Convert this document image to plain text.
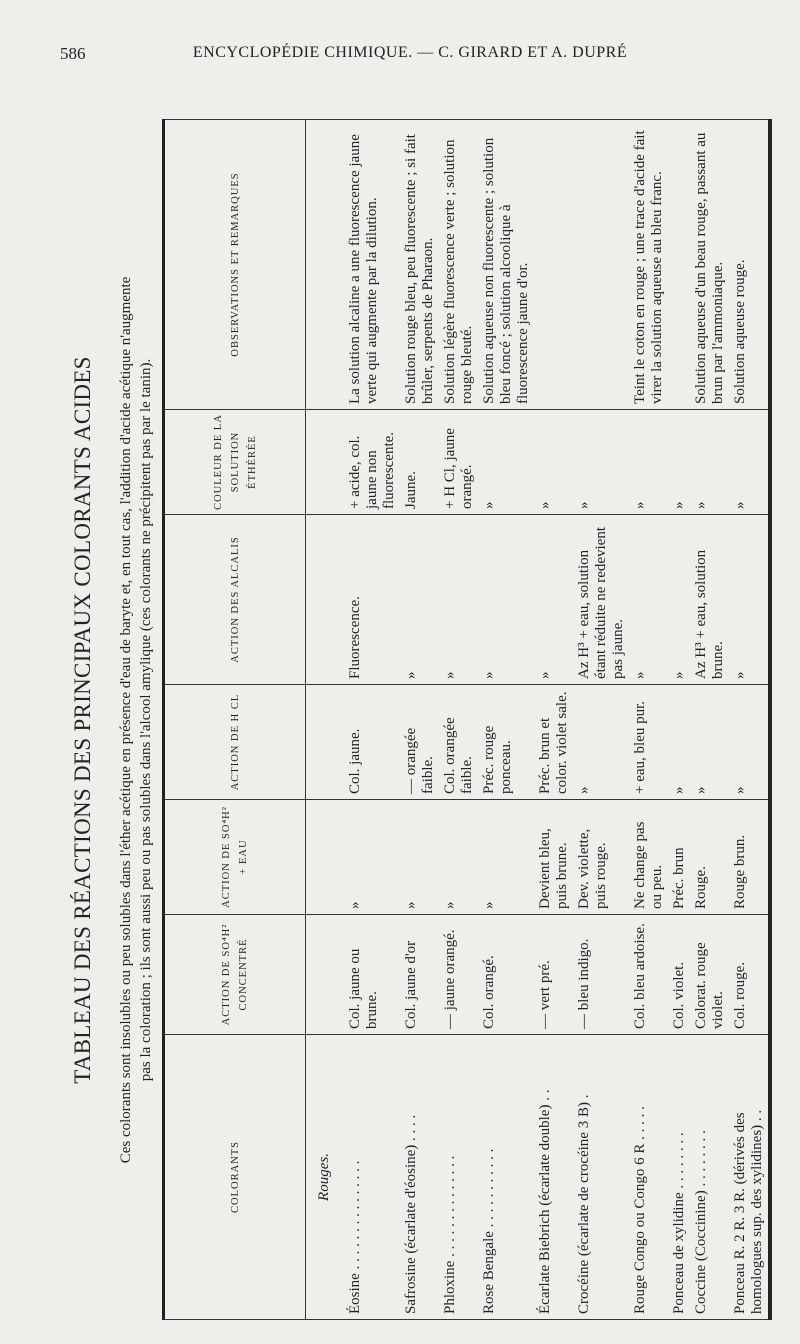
586	ENCYCLOPÉDIE CHIMIQUE. — C. GIRARD ET A. DUPRÉ
TABLEAU DES RÉACTIONS DES PRINCIPAUX COLORANTS ACIDES Ces colorants sont insolubles ou peu solubles dans l'éther acétique en présence d'eau de baryte et, en tout cas, l'addition d'acide acétique n'augmente pas la coloration ; ils sont aussi peu ou pas solubles dans l'alcool amylique (ces colorants ne précipitent pas par le tanin).
COLORANTS	ACTION DE SO⁴H² CONCENTRÉ	ACTION DE SO⁴H² + EAU	ACTION DE H CL	ACTION DES ALCALIS	COULEUR DE LA SOLUTION ÉTHÉRÉE	OBSERVATIONS ET REMARQUES
Rouges.						
Éosine . . . . . . . . . . . . . . .	Col. jaune ou brune.	»	Col. jaune.	Fluorescence.	+ acide, col. jaune non fluorescente.	La solution alcaline a une fluorescence jaune verte qui augmente par la dilution.
Safrosine (écarlate d'éosine) . . . .	Col. jaune d'or	»	— orangée faible.	»	Jaune.	Solution rouge bleu, peu fluorescente ; si fait brûler, serpents de Pharaon.
Phloxine . . . . . . . . . . . . . .	— jaune orangé.	»	Col. orangée faible.	»	+ H Cl, jaune orangé.	Solution légère fluorescence verte ; solution rouge bleuté.
Rose Bengale . . . . . . . . . . .	Col. orangé.	»	Préc. rouge ponceau.	»	»	Solution aqueuse non fluorescente ; solution bleu foncé ; solution alcoolique à fluorescence jaune d'or.
Écarlate Biebrich (écarlate double) . .	— vert pré.	Devient bleu, puis brune.	Préc. brun et color. violet sale.	»	»	
Crocéine (écarlate de crocéine 3 B) .	— bleu indigo.	Dev. violette, puis rouge.	»	Az H³ + eau, solution étant réduite ne redevient pas jaune.	»	
Rouge Congo ou Congo 6 R . . . . .	Col. bleu ardoise.	Ne change pas ou peu.	+ eau, bleu pur.	»	»	Teint le coton en rouge ; une trace d'acide fait virer la solution aqueuse au bleu franc.
Ponceau de xylidine . . . . . . . .	Col. violet.	Préc. brun	»	»	»	
Coccine (Coccinine) . . . . . . . .	Colorat. rouge violet.	Rouge.	»	Az H³ + eau, solution brune.	»	Solution aqueuse d'un beau rouge, passant au brun par l'ammoniaque.
Ponceau R. 2 R. 3 R. (dérivés des homologues sup. des xylidines) . .	Col. rouge.	Rouge brun.	»	»	»	Solution aqueuse rouge.
